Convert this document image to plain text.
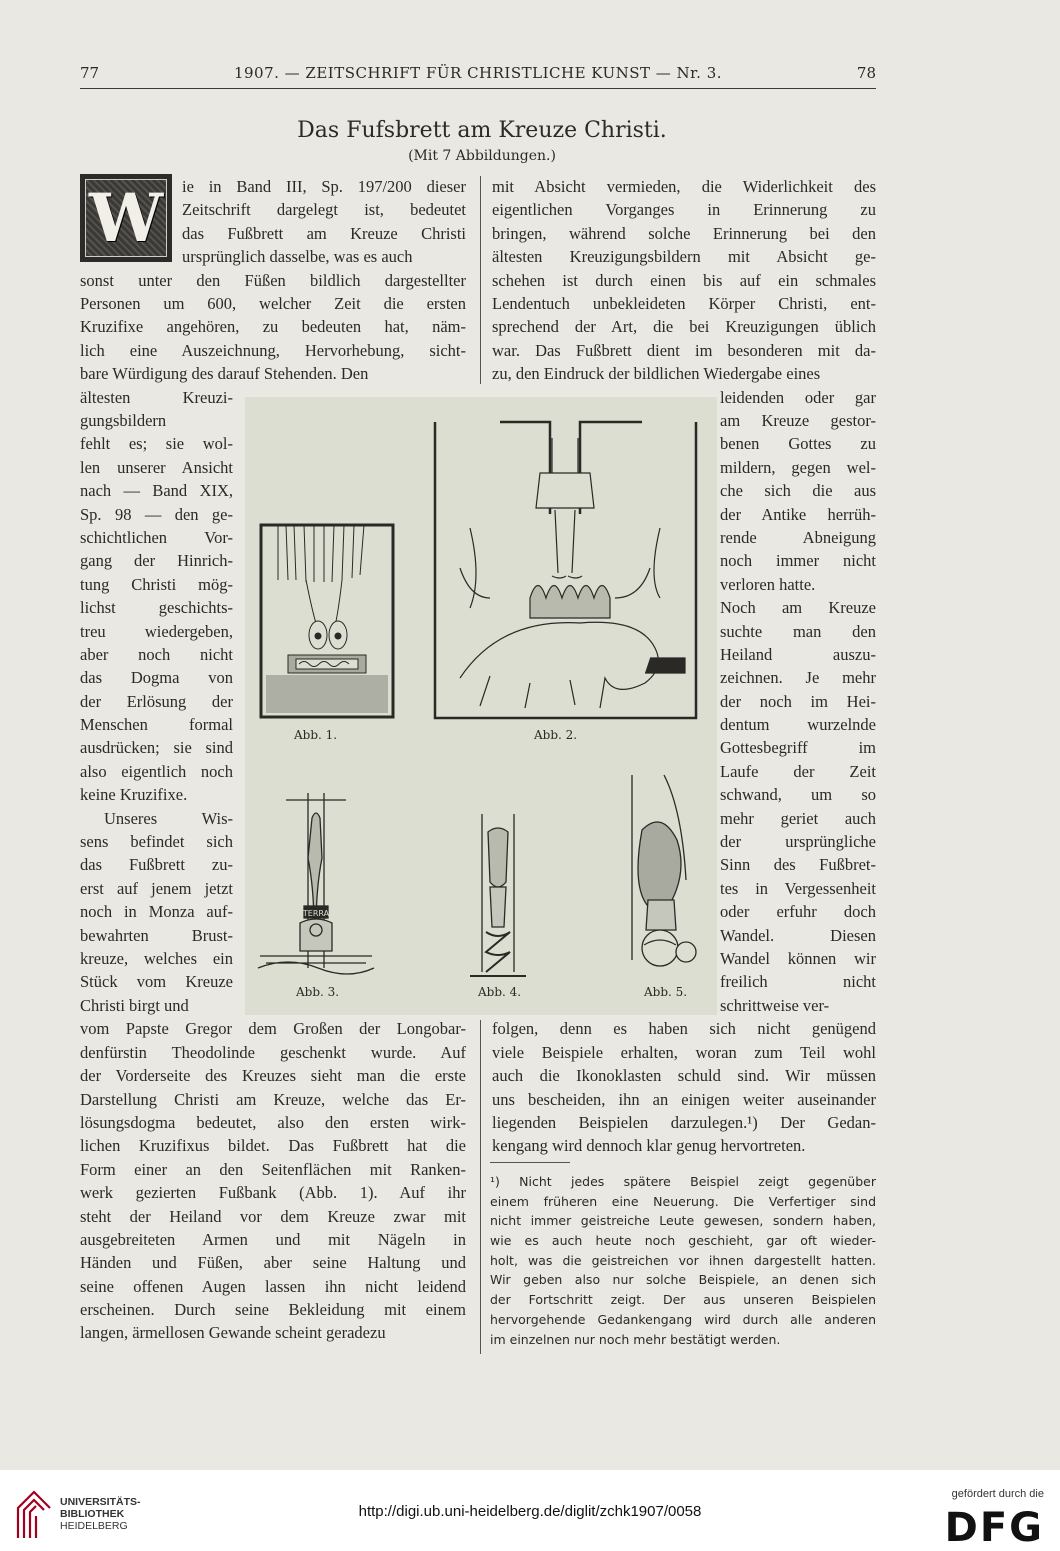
77	1907. — ZEITSCHRIFT FÜR CHRISTLICHE KUNST — Nr. 3.	78
Das Fufsbrett am Kreuze Christi.
(Mit 7 Abbildungen.)
W	ie in Band III, Sp. 197/200 dieser
Zeitschrift dargelegt ist, bedeutet
das Fußbrett am Kreuze Christi
ursprünglich dasselbe, was es auch
sonst unter den Füßen bildlich dargestellter
Personen um 600, welcher Zeit die ersten
Kruzifixe angehören, zu bedeuten hat, näm-
lich eine Auszeichnung, Hervorhebung, sicht-
bare Würdigung des darauf Stehenden. Den
ältesten Kreuzi-
gungsbildern
fehlt es; sie wol-
len unserer Ansicht
nach — Band XIX,
Sp. 98 — den ge-
schichtlichen Vor-
gang der Hinrich-
tung Christi mög-
lichst geschichts-
treu wiedergeben,
aber noch nicht
das Dogma von
der Erlösung der
Menschen formal
ausdrücken; sie sind
also eigentlich noch
keine Kruzifixe.
Unseres Wis-
sens befindet sich
das Fußbrett zu-
erst auf jenem jetzt
noch in Monza auf-
bewahrten Brust-
kreuze, welches ein
Stück vom Kreuze
Christi birgt und
vom Papste Gregor dem Großen der Longobar-
denfürstin Theodolinde geschenkt wurde. Auf
der Vorderseite des Kreuzes sieht man die erste
Darstellung Christi am Kreuze, welche das Er-
lösungsdogma bedeutet, also den ersten wirk-
lichen Kruzifixus bildet. Das Fußbrett hat die
Form einer an den Seitenflächen mit Ranken-
werk gezierten Fußbank (Abb. 1). Auf ihr
steht der Heiland vor dem Kreuze zwar mit
ausgebreiteten Armen und mit Nägeln in
Händen und Füßen, aber seine Haltung und
seine offenen Augen lassen ihn nicht leidend
erscheinen. Durch seine Bekleidung mit einem
langen, ärmellosen Gewande scheint geradezu
mit Absicht vermieden, die Widerlichkeit des
eigentlichen Vorganges in Erinnerung zu
bringen, während solche Erinnerung bei den
ältesten Kreuzigungsbildern mit Absicht ge-
schehen ist durch einen bis auf ein schmales
Lendentuch unbekleideten Körper Christi, ent-
sprechend der Art, die bei Kreuzigungen üblich
war. Das Fußbrett dient im besonderen mit da-
zu, den Eindruck der bildlichen Wiedergabe eines
leidenden oder gar
am Kreuze gestor-
benen Gottes zu
mildern, gegen wel-
che sich die aus
der Antike herrüh-
rende Abneigung
noch immer nicht
verloren hatte.
Noch am Kreuze
suchte man den
Heiland auszu-
zeichnen. Je mehr
der noch im Hei-
dentum wurzelnde
Gottesbegriff im
Laufe der Zeit
schwand, um so
mehr geriet auch
der ursprüngliche
Sinn des Fußbret-
tes in Vergessenheit
oder erfuhr doch
Wandel. Diesen
Wandel können wir
freilich nicht
schrittweise ver-
folgen, denn es haben sich nicht genügend
viele Beispiele erhalten, woran zum Teil wohl
auch die Ikonoklasten schuld sind. Wir müssen
uns bescheiden, ihn an einigen weiter auseinander
liegenden Beispielen darzulegen.¹) Der Gedan-
kengang wird dennoch klar genug hervortreten.
Abb. 1.	Abb. 2.
TERRA
Abb. 3.	Abb. 4.	Abb. 5.
¹) Nicht jedes spätere Beispiel zeigt gegenüber
einem früheren eine Neuerung. Die Verfertiger sind
nicht immer geistreiche Leute gewesen, sondern haben,
wie es auch heute noch geschieht, gar oft wieder-
holt, was die geistreichen vor ihnen dargestellt hatten.
Wir geben also nur solche Beispiele, an denen sich
der Fortschritt zeigt. Der aus unseren Beispielen
hervorgehende Gedankengang wird durch alle anderen
im einzelnen nur noch mehr bestätigt werden.
UNIVERSITÄTS-
BIBLIOTHEK
HEIDELBERG
http://digi.ub.uni-heidelberg.de/diglit/zchk1907/0058
gefördert durch die
DFG
